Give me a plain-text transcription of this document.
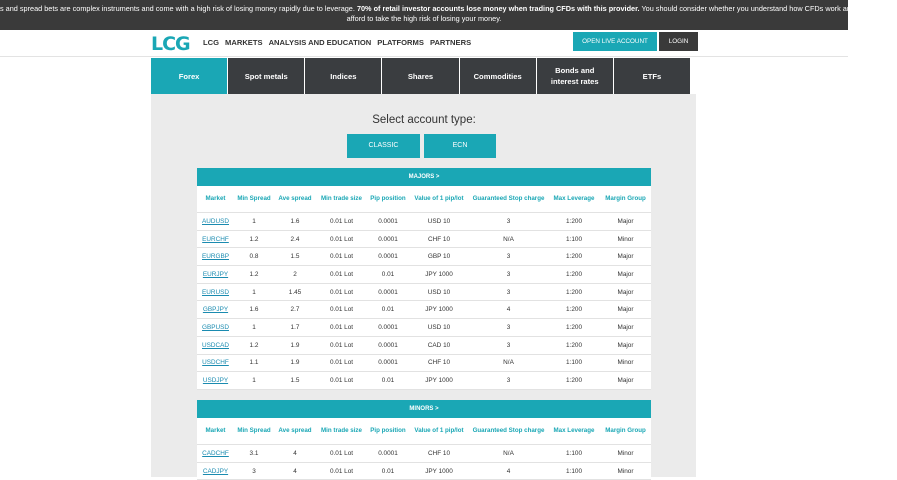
s and spread bets are complex instruments and come with a high risk of losing money rapidly due to leverage. 70% of retail investor accounts lose money when trading CFDs with this provider. You should consider whether you understand how CFDs work and whether you
afford to take the high risk of losing your money.
LCG LCG MARKETS ANALYSIS AND EDUCATION PLATFORMS PARTNERS	OPEN LIVE ACCOUNT	LOGIN
Forex	Spot metals	Indices	Shares	Commodities
Bonds and interest rates
ETFs
Select account type:
CLASSIC	ECN
MAJORS >
Market	Min Spread	Ave spread	Min trade size	Pip position	Value of 1 pip/lot	Guaranteed Stop charge	Max Leverage	Margin Group
AUDUSD	1	1.6	0.01 Lot	0.0001	USD 10	3	1:200	Major
EURCHF	1.2	2.4	0.01 Lot	0.0001	CHF 10	N/A	1:100	Minor
EURGBP	0.8	1.5	0.01 Lot	0.0001	GBP 10	3	1:200	Major
EURJPY	1.2	2	0.01 Lot	0.01	JPY 1000	3	1:200	Major
EURUSD	1	1.45	0.01 Lot	0.0001	USD 10	3	1:200	Major
GBPJPY	1.6	2.7	0.01 Lot	0.01	JPY 1000	4	1:200	Major
GBPUSD	1	1.7	0.01 Lot	0.0001	USD 10	3	1:200	Major
USDCAD	1.2	1.9	0.01 Lot	0.0001	CAD 10	3	1:200	Major
USDCHF	1.1	1.9	0.01 Lot	0.0001	CHF 10	N/A	1:100	Minor
USDJPY	1	1.5	0.01 Lot	0.01	JPY 1000	3	1:200	Major
MINORS >
Market	Min Spread	Ave spread	Min trade size	Pip position	Value of 1 pip/lot	Guaranteed Stop charge	Max Leverage	Margin Group
CADCHF	3.1	4	0.01 Lot	0.0001	CHF 10	N/A	1:100	Minor
CADJPY	3	4	0.01 Lot	0.01	JPY 1000	4	1:100	Minor
